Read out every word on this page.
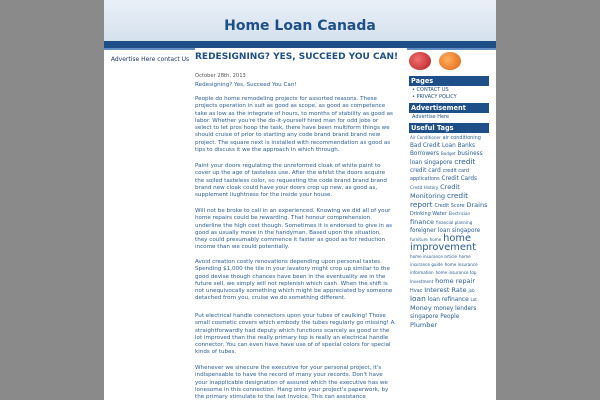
Home Loan Canada
Advertise Here contact Us REDESIGNING? YES, SUCCEED YOU CAN!
October 28th, 2013
Redesigning? Yes, Succeed You Can!
People do home remodeling projects for assorted reasons. These projects operation in suit as good as scope, as good as competence take as low as the integrate of hours, to months of stability as good as labor. Whether you're the do-it-yourself hired man for odd jobs or select to let pros hoop the task, there have been multiform things we should cruise of prior to starting any code brand brand brand new project. The square next is installed with recommendation as good as tips to discuss it we the approach in which through.
Paint your doors regulating the unreformed cloak of white paint to cover up the age of tasteless use. After the whilst the doors acquire the soiled tasteless color, so requesting the code brand brand brand brand new cloak could have your doors crop up new, as good as, supplement liughtness for the inside your house.
Will not be broke to call in an experienced. Knowing we did all of your home repairs could be rewarding. That honour comprehension underline the high cost though. Sometimes it is endorsed to give in as good as usually move in the handyman. Based upon the situation, they could presumably commence it faster as good as for reduction income than we could potentially.
Avoid creation costly renovations depending upon personal tastes. Spending $1,000 the tile in your lavatory might crop up similar to the good devise though chances have been in the eventuality we in the future sell, we simply will not replenish which cash. When the shift is not unequivocally something which might be appreciated by someone detached from you, cruise we do something different.
Put electrical handle connectors upon your tubes of caulking! Those small cosmetic covers which embody the tubes regularly go missing! A straightforwardly had deputy which functions scarcely as good or the lot improved than the really primary top is really an electrical handle connector. You can even have have use of of special colors for special kinds of tubes.
Whenever we sinecure the executive for your personal project, it's indispensable to have the record of many your records. Don't have your inapplicable designation of assured which the executive has we lonesome in this connection. Hang onto your project's paperwork, by the primary stimulate to the last invoice. This can assistance
Pages
• CONTACT US
• PRIVACY POLICY
Advertisement
Advertise Here
Useful Tags
Air Conditioner air conditioning Bad Credit Loan Banks Borrowers Budget business loan singapore credit credit card credit card applications Credit Cards Credit History Credit Monitoring credit report Credit Score Drains Drinking Water Electrician finance financial planning foreigner loan singapore furniture home home improvement home insurance article home insurance guide home insurance information home insurance top Investment home repair Hvac Interest Rate job loan loan refinance Lot Money money lenders singapore People Plumber
